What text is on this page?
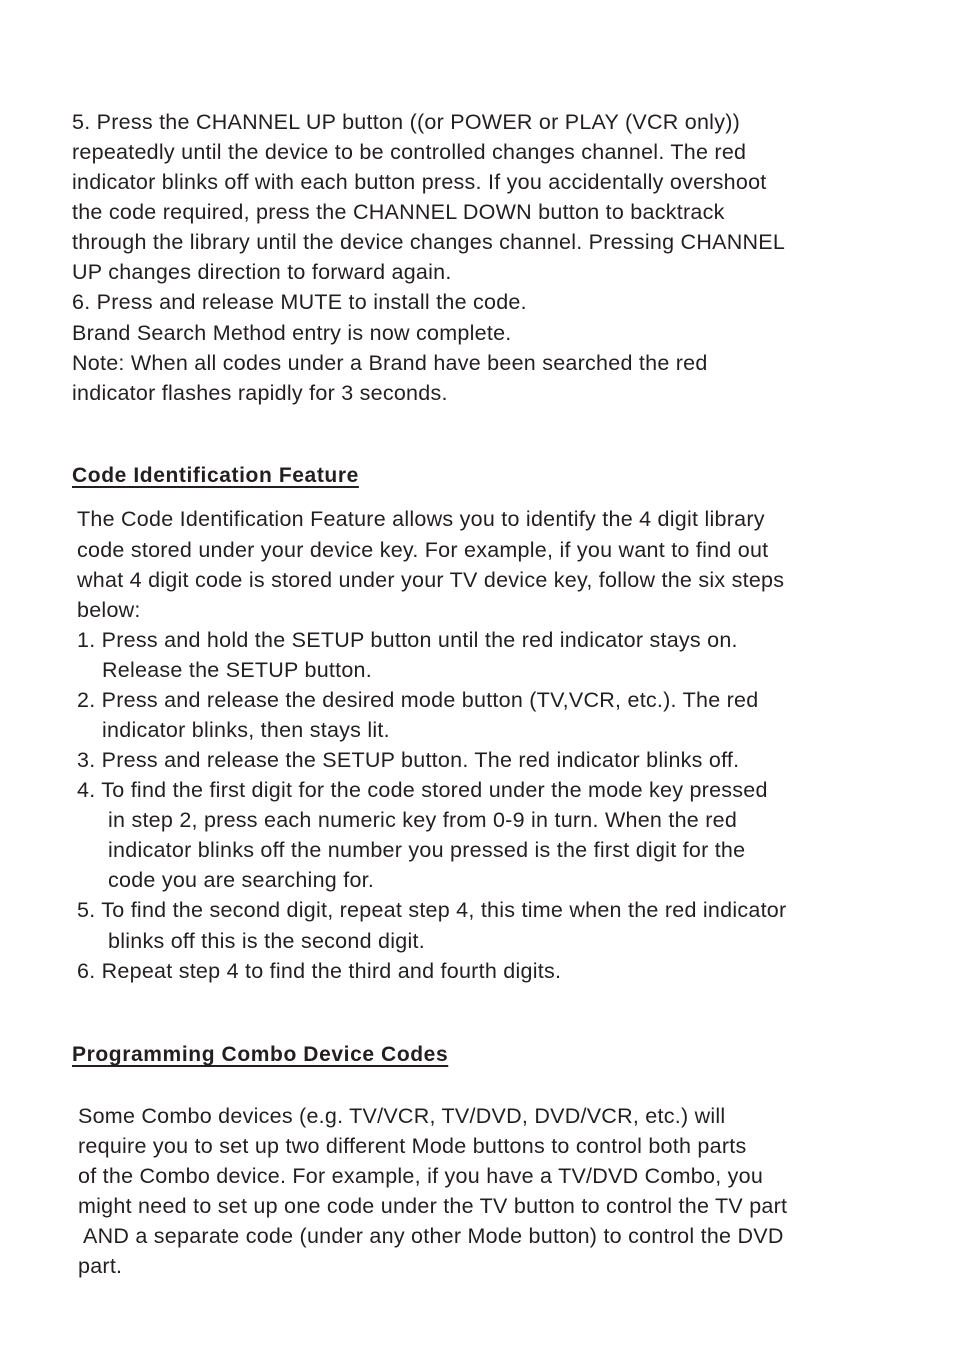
5. Press the CHANNEL UP button ((or POWER or PLAY (VCR only))
repeatedly until the device to be controlled changes channel. The red
indicator blinks off with each button press. If you accidentally overshoot
the code required, press the CHANNEL DOWN button to backtrack
through the library until the device changes channel. Pressing CHANNEL
UP changes direction to forward again.
6. Press and release MUTE to install the code.
Brand Search Method entry is now complete.
Note: When all codes under a Brand have been searched the red
indicator flashes rapidly for 3 seconds.
Code Identification Feature
The Code Identification Feature allows you to identify the 4 digit library
code stored under your device key. For example, if you want to find out
what 4 digit code is stored under your TV device key, follow the six steps
below:
1. Press and hold the SETUP button until the red indicator stays on.
Release the SETUP button.
2. Press and release the desired mode button (TV,VCR, etc.). The red
indicator blinks, then stays lit.
3. Press and release the SETUP button. The red indicator blinks off.
4. To find the first digit for the code stored under the mode key pressed
in step 2, press each numeric key from 0-9 in turn. When the red
indicator blinks off the number you pressed is the first digit for the
code you are searching for.
5. To find the second digit, repeat step 4, this time when the red indicator
blinks off this is the second digit.
6. Repeat step 4 to find the third and fourth digits.
Programming Combo Device Codes
Some Combo devices (e.g. TV/VCR, TV/DVD, DVD/VCR, etc.) will
require you to set up two different Mode buttons to control both parts
of the Combo device. For example, if you have a TV/DVD Combo, you
might need to set up one code under the TV button to control the TV part
AND a separate code (under any other Mode button) to control the DVD
part.
